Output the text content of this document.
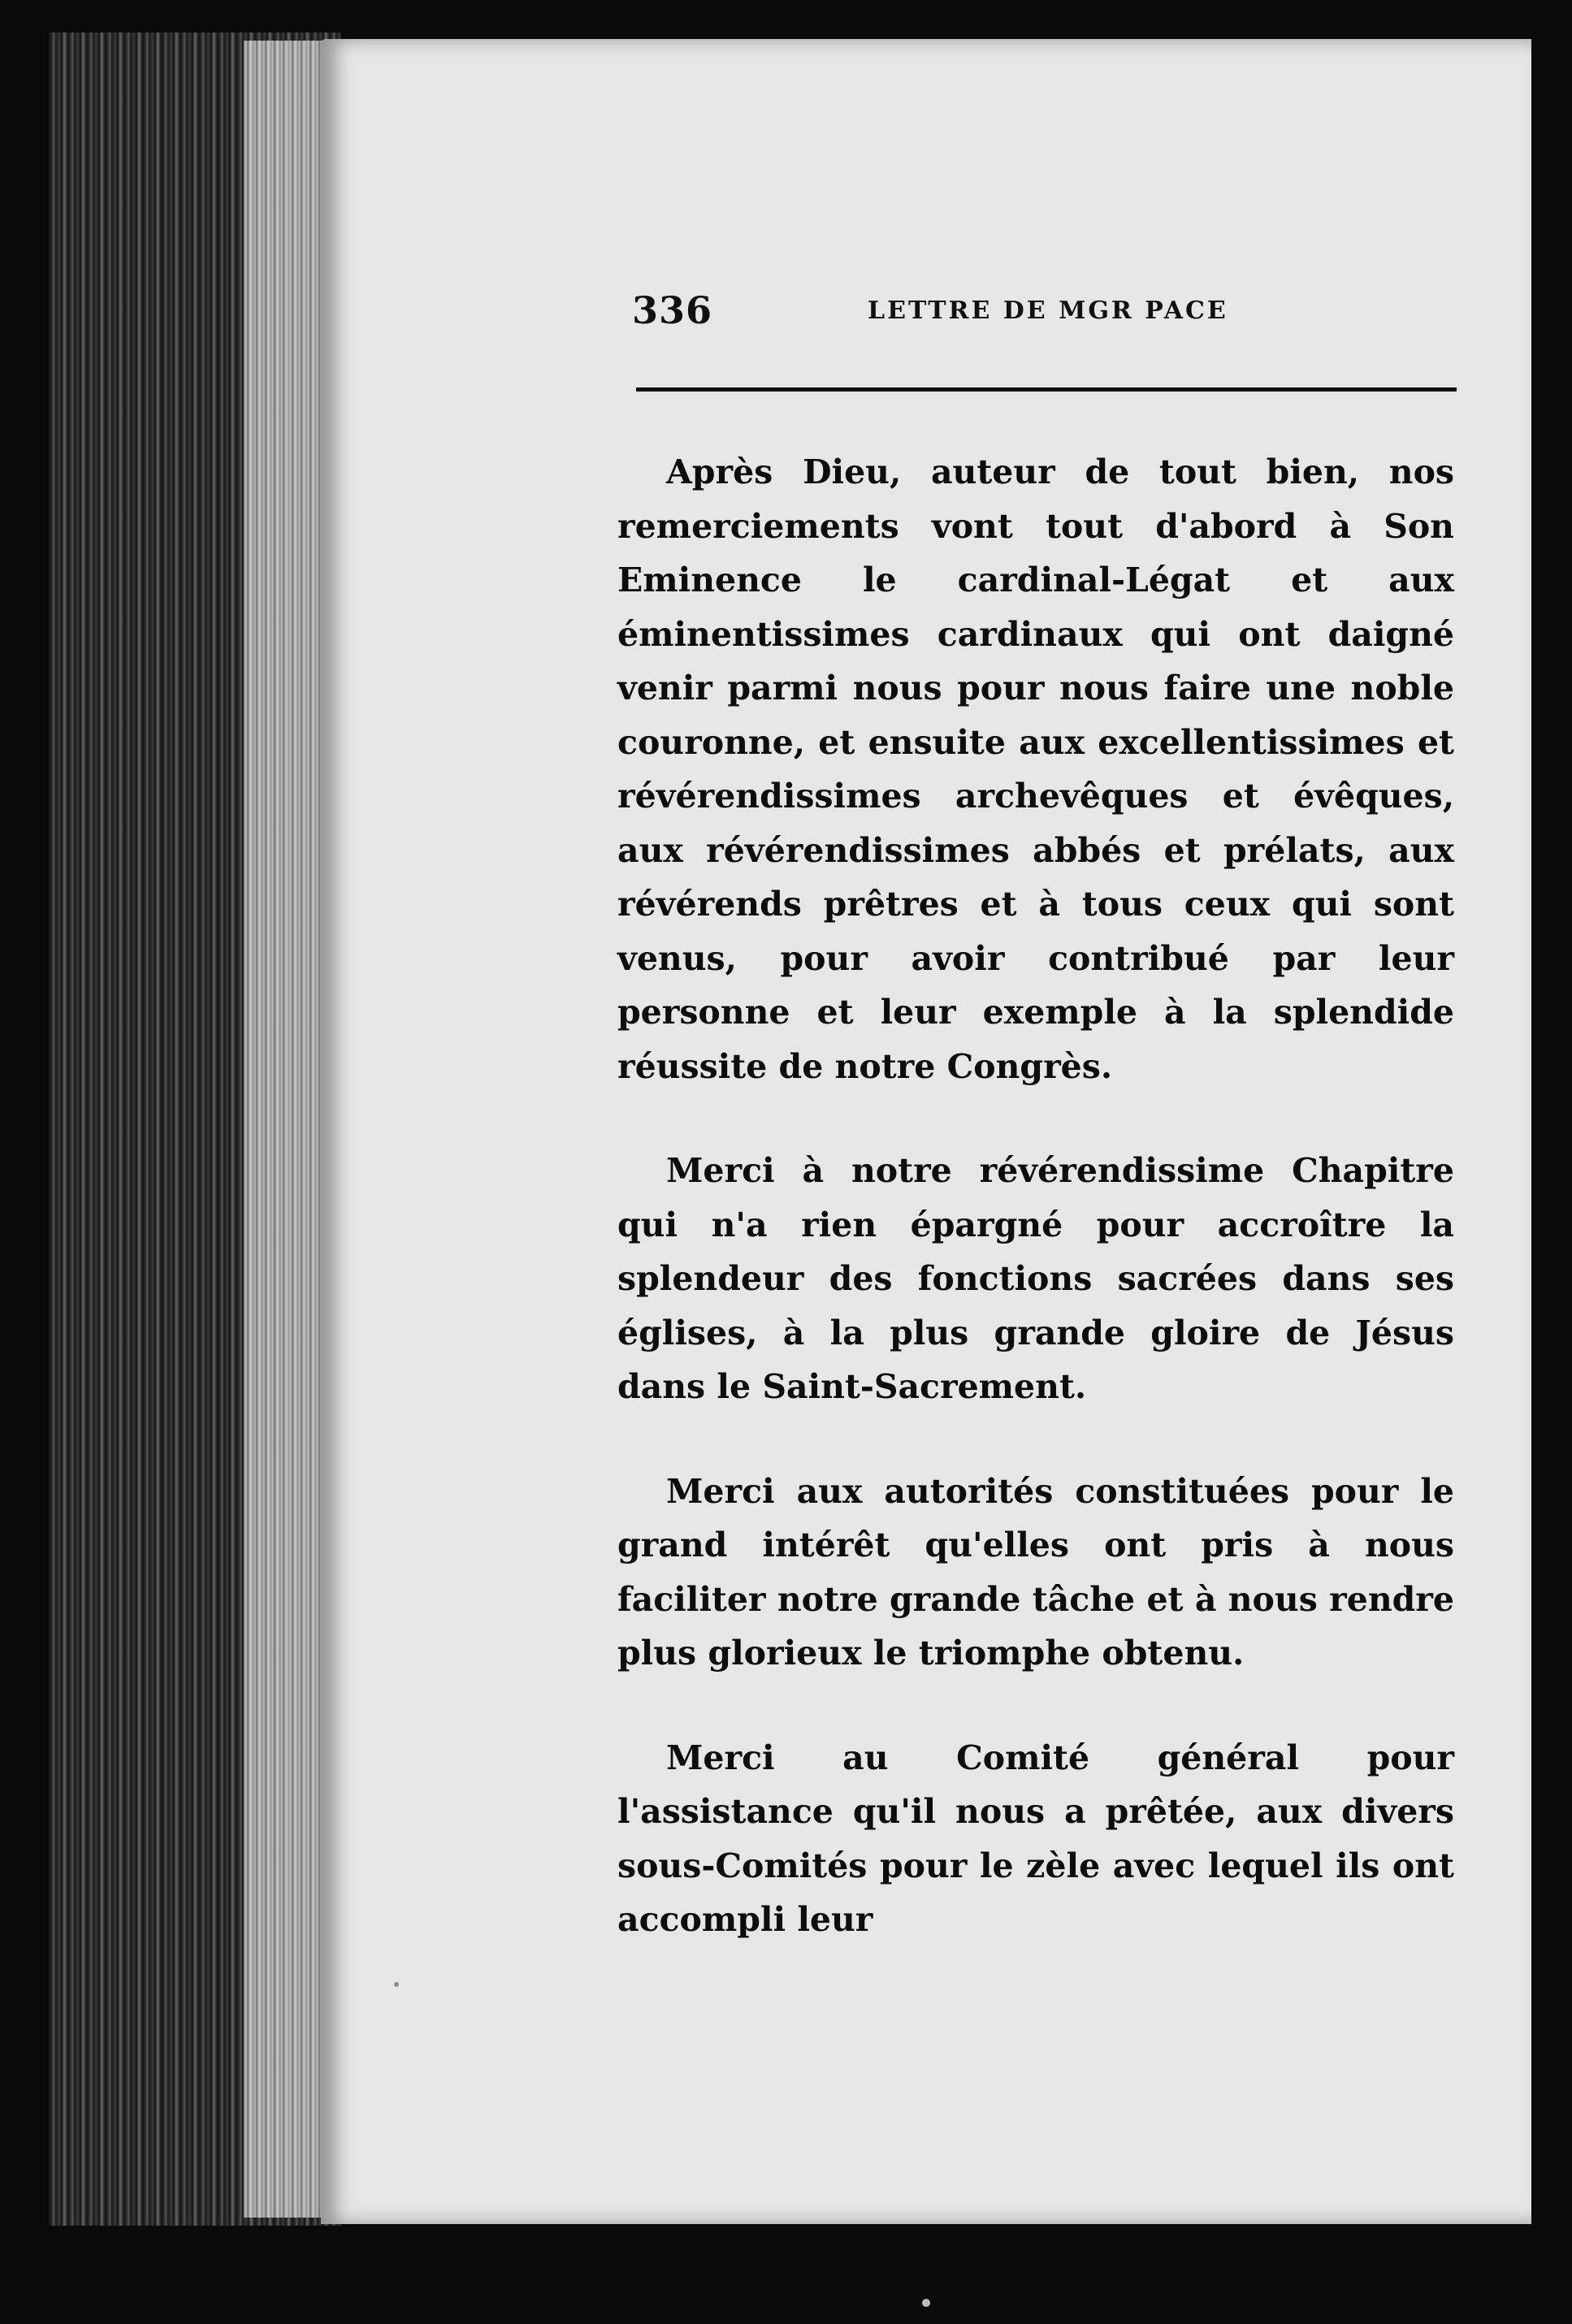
336	LETTRE DE MGR PACE

Après Dieu, auteur de tout bien, nos remerciements vont tout d'abord à Son Eminence le cardinal-Légat et aux éminentissimes cardinaux qui ont daigné venir parmi nous pour nous faire une noble couronne, et ensuite aux excellentissimes et révérendissimes archevêques et évêques, aux révérendissimes abbés et prélats, aux révérends prêtres et à tous ceux qui sont venus, pour avoir contribué par leur personne et leur exemple à la splendide réussite de notre Congrès.

Merci à notre révérendissime Chapitre qui n'a rien épargné pour accroître la splendeur des fonctions sacrées dans ses églises, à la plus grande gloire de Jésus dans le Saint-Sacrement.

Merci aux autorités constituées pour le grand intérêt qu'elles ont pris à nous faciliter notre grande tâche et à nous rendre plus glorieux le triomphe obtenu.

Merci au Comité général pour l'assistance qu'il nous a prêtée, aux divers sous-Comités pour le zèle avec lequel ils ont accompli leur
